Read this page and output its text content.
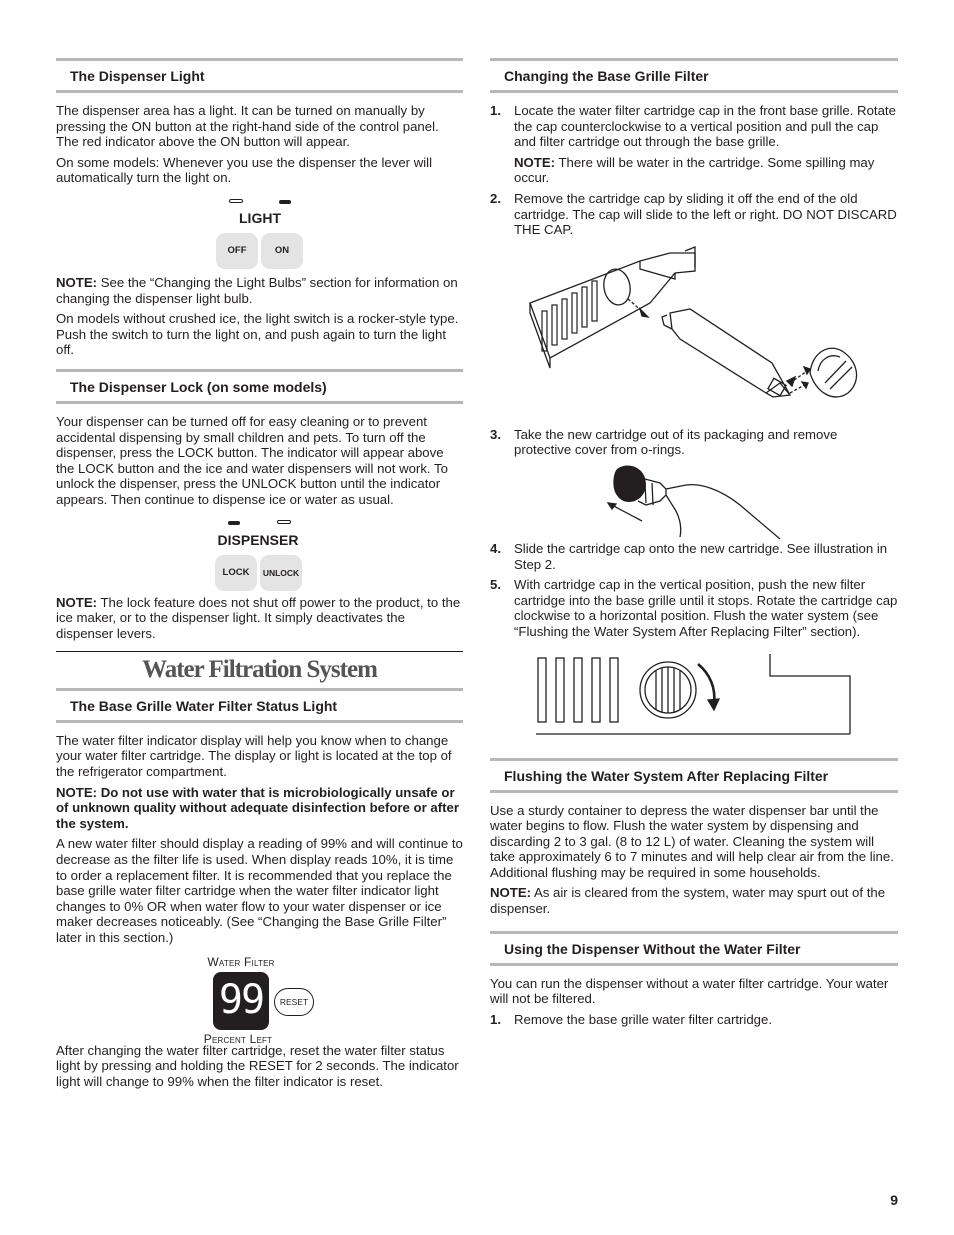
The Dispenser Light

The dispenser area has a light. It can be turned on manually by pressing the ON button at the right-hand side of the control panel. The red indicator above the ON button will appear.

On some models: Whenever you use the dispenser the lever will automatically turn the light on.

LIGHT
OFF	ON

NOTE: See the “Changing the Light Bulbs” section for information on changing the dispenser light bulb.

On models without crushed ice, the light switch is a rocker-style type. Push the switch to turn the light on, and push again to turn the light off.

The Dispenser Lock (on some models)

Your dispenser can be turned off for easy cleaning or to prevent accidental dispensing by small children and pets. To turn off the dispenser, press the LOCK button. The indicator will appear above the LOCK button and the ice and water dispensers will not work. To unlock the dispenser, press the UNLOCK button until the indicator appears. Then continue to dispense ice or water as usual.

DISPENSER
LOCK	UNLOCK

NOTE: The lock feature does not shut off power to the product, to the ice maker, or to the dispenser light. It simply deactivates the dispenser levers.

Water Filtration System
The Base Grille Water Filter Status Light

The water filter indicator display will help you know when to change your water filter cartridge. The display or light is located at the top of the refrigerator compartment.

NOTE: Do not use with water that is microbiologically unsafe or of unknown quality without adequate disinfection before or after the system.

A new water filter should display a reading of 99% and will continue to decrease as the filter life is used. When display reads 10%, it is time to order a replacement filter. It is recommended that you replace the base grille water filter cartridge when the water filter indicator light changes to 0% OR when water flow to your water dispenser or ice maker decreases noticeably. (See “Changing the Base Grille Filter” later in this section.)

Water Filter
99	RESET
Percent Left

After changing the water filter cartridge, reset the water filter status light by pressing and holding the RESET for 2 seconds. The indicator light will change to 99% when the filter indicator is reset.

Changing the Base Grille Filter
1. Locate the water filter cartridge cap in the front base grille. Rotate the cap counterclockwise to a vertical position and pull the cap and filter cartridge out through the base grille.
NOTE: There will be water in the cartridge. Some spilling may occur.
2. Remove the cartridge cap by sliding it off the end of the old cartridge. The cap will slide to the left or right. DO NOT DISCARD THE CAP.
3. Take the new cartridge out of its packaging and remove protective cover from o-rings.
4. Slide the cartridge cap onto the new cartridge. See illustration in Step 2.
5. With cartridge cap in the vertical position, push the new filter cartridge into the base grille until it stops. Rotate the cartridge cap clockwise to a horizontal position. Flush the water system (see “Flushing the Water System After Replacing Filter” section).
Flushing the Water System After Replacing Filter

Use a sturdy container to depress the water dispenser bar until the water begins to flow. Flush the water system by dispensing and discarding 2 to 3 gal. (8 to 12 L) of water. Cleaning the system will take approximately 6 to 7 minutes and will help clear air from the line. Additional flushing may be required in some households.

NOTE: As air is cleared from the system, water may spurt out of the dispenser.

Using the Dispenser Without the Water Filter

You can run the dispenser without a water filter cartridge. Your water will not be filtered.

1. Remove the base grille water filter cartridge.
9
